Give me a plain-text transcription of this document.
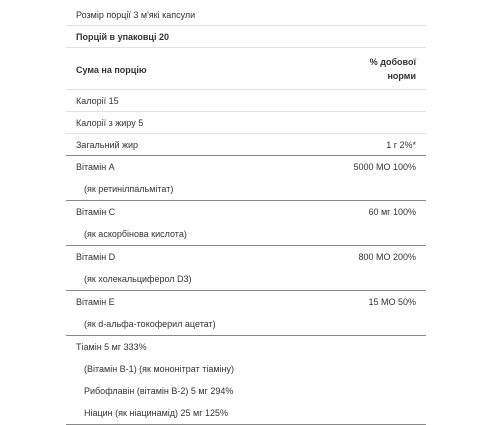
Розмір порції 3 м'які капсули
Порцій в упаковці 20
Сума на порцію
% добової
норми
Калорії 15
Калорії з жиру 5
Загальний жир	1 г 2%*
Вітамін A	5000 МО 100%
(як ретинілпальмітат)
Вітамін C	60 мг 100%
(як аскорбінова кислота)
Вітамін D	800 МО 200%
(як холекальциферол D3)
Вітамін E	15 МО 50%
(як d-альфа-токоферил ацетат)
Тіамін 5 мг 333%
(Вітамін B-1) (як мононітрат тіаміну)
Рибофлавін (вітамін B-2) 5 мг 294%
Ніацин (як ніацинамід) 25 мг 125%
